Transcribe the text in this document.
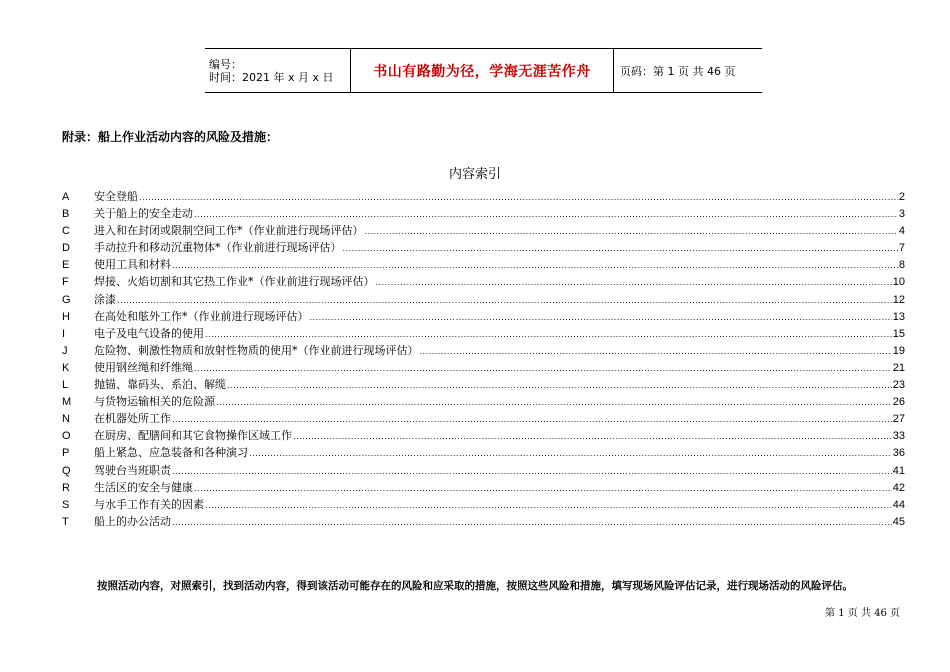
编号：
时间：2021 年 x 月 x 日	书山有路勤为径，学海无涯苦作舟	页码：第 1 页 共 46 页
附录：船上作业活动内容的风险及措施：
内容索引
A	安全登船 .....	2
B	关于船上的安全走动 .....	3
C	进入和在封闭或限制空间工作*（作业前进行现场评估） .....	4
D	手动拉升和移动沉重物体*（作业前进行现场评估） .....	7
E	使用工具和材料 .....	8
F	焊接、火焰切割和其它热工作业*（作业前进行现场评估） .....	10
G	涂漆 .....	12
H	在高处和舷外工作*（作业前进行现场评估） .....	13
I	电子及电气设备的使用 .....	15
J	危险物、刺激性物质和放射性物质的使用*（作业前进行现场评估） .....	19
K	使用钢丝绳和纤维绳 .....	21
L	抛锚、靠码头、系泊、解缆 .....	23
M	与货物运输相关的危险源 .....	26
N	在机器处所工作 .....	27
O	在厨房、配膳间和其它食物操作区域工作 .....	33
P	船上紧急、应急装备和各种演习 .....	36
Q	驾驶台当班职责 .....	41
R	生活区的安全与健康 .....	42
S	与水手工作有关的因素 .....	44
T	船上的办公活动 .....	45
按照活动内容，对照索引，找到活动内容，得到该活动可能存在的风险和应采取的措施，按照这些风险和措施，填写现场风险评估记录，进行现场活动的风险评估。
第 1 页 共 46 页
